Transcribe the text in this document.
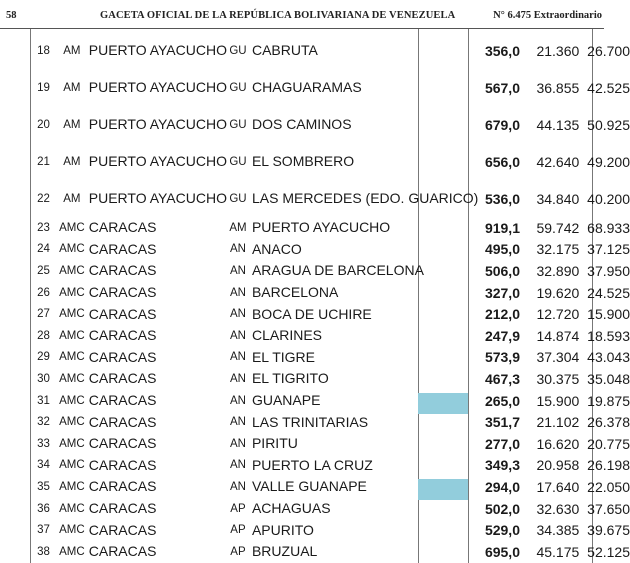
58	GACETA OFICIAL DE LA REPÚBLICA BOLIVARIANA DE VENEZUELA	N° 6.475 Extraordinario
18	AM	PUERTO AYACUCHO	GU	CABRUTA	356,0	21.360	26.700
19	AM	PUERTO AYACUCHO	GU	CHAGUARAMAS	567,0	36.855	42.525
20	AM	PUERTO AYACUCHO	GU	DOS CAMINOS	679,0	44.135	50.925
21	AM	PUERTO AYACUCHO	GU	EL SOMBRERO	656,0	42.640	49.200
22	AM	PUERTO AYACUCHO	GU	LAS MERCEDES (EDO. GUARICO)	536,0	34.840	40.200
23	AMC	CARACAS	AM	PUERTO AYACUCHO	919,1	59.742	68.933
24	AMC	CARACAS	AN	ANACO	495,0	32.175	37.125
25	AMC	CARACAS	AN	ARAGUA DE BARCELONA	506,0	32.890	37.950
26	AMC	CARACAS	AN	BARCELONA	327,0	19.620	24.525
27	AMC	CARACAS	AN	BOCA DE UCHIRE	212,0	12.720	15.900
28	AMC	CARACAS	AN	CLARINES	247,9	14.874	18.593
29	AMC	CARACAS	AN	EL TIGRE	573,9	37.304	43.043
30	AMC	CARACAS	AN	EL TIGRITO	467,3	30.375	35.048
31	AMC	CARACAS	AN	GUANAPE	265,0	15.900	19.875
32	AMC	CARACAS	AN	LAS TRINITARIAS	351,7	21.102	26.378
33	AMC	CARACAS	AN	PIRITU	277,0	16.620	20.775
34	AMC	CARACAS	AN	PUERTO LA CRUZ	349,3	20.958	26.198
35	AMC	CARACAS	AN	VALLE GUANAPE	294,0	17.640	22.050
36	AMC	CARACAS	AP	ACHAGUAS	502,0	32.630	37.650
37	AMC	CARACAS	AP	APURITO	529,0	34.385	39.675
38	AMC	CARACAS	AP	BRUZUAL	695,0	45.175	52.125
